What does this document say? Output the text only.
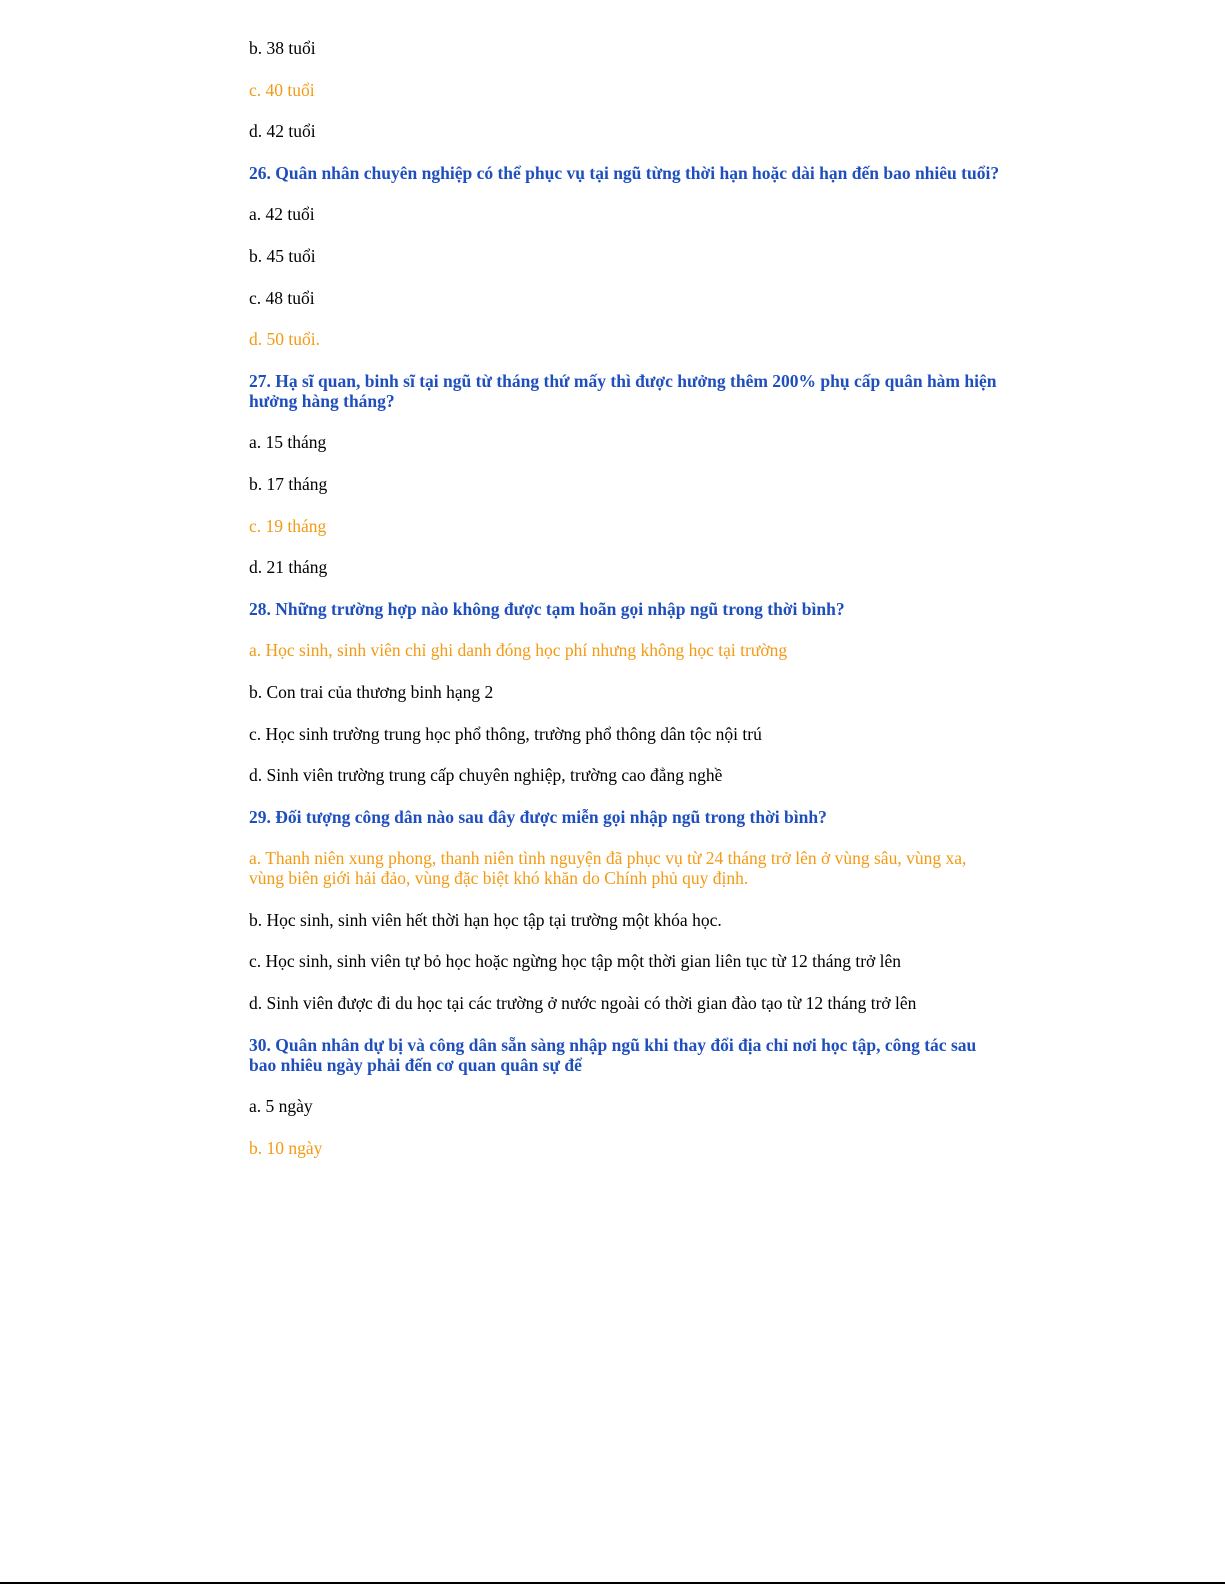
b. 38 tuổi

c. 40 tuổi

d. 42 tuổi

26. Quân nhân chuyên nghiệp có thể phục vụ tại ngũ từng thời hạn hoặc dài hạn đến bao nhiêu tuổi?

a. 42 tuổi

b. 45 tuổi

c. 48 tuổi

d. 50 tuổi.

27. Hạ sĩ quan, binh sĩ tại ngũ từ tháng thứ mấy thì được hưởng thêm 200% phụ cấp quân hàm hiện hưởng hàng tháng?

a. 15 tháng

b. 17 tháng

c. 19 tháng

d. 21 tháng

28. Những trường hợp nào không được tạm hoãn gọi nhập ngũ trong thời bình?

a. Học sinh, sinh viên chỉ ghi danh đóng học phí nhưng không học tại trường

b. Con trai của thương binh hạng 2

c. Học sinh trường trung học phổ thông, trường phổ thông dân tộc nội trú

d. Sinh viên trường trung cấp chuyên nghiệp, trường cao đẳng nghề

29. Đối tượng công dân nào sau đây được miễn gọi nhập ngũ trong thời bình?

a. Thanh niên xung phong, thanh niên tình nguyện đã phục vụ từ 24 tháng trở lên ở vùng sâu, vùng xa, vùng biên giới hải đảo, vùng đặc biệt khó khăn do Chính phủ quy định.

b. Học sinh, sinh viên hết thời hạn học tập tại trường một khóa học.

c. Học sinh, sinh viên tự bỏ học hoặc ngừng học tập một thời gian liên tục từ 12 tháng trở lên

d. Sinh viên được đi du học tại các trường ở nước ngoài có thời gian đào tạo từ 12 tháng trở lên

30. Quân nhân dự bị và công dân sẵn sàng nhập ngũ khi thay đổi địa chỉ nơi học tập, công tác sau bao nhiêu ngày phải đến cơ quan quân sự để

a. 5 ngày

b. 10 ngày
